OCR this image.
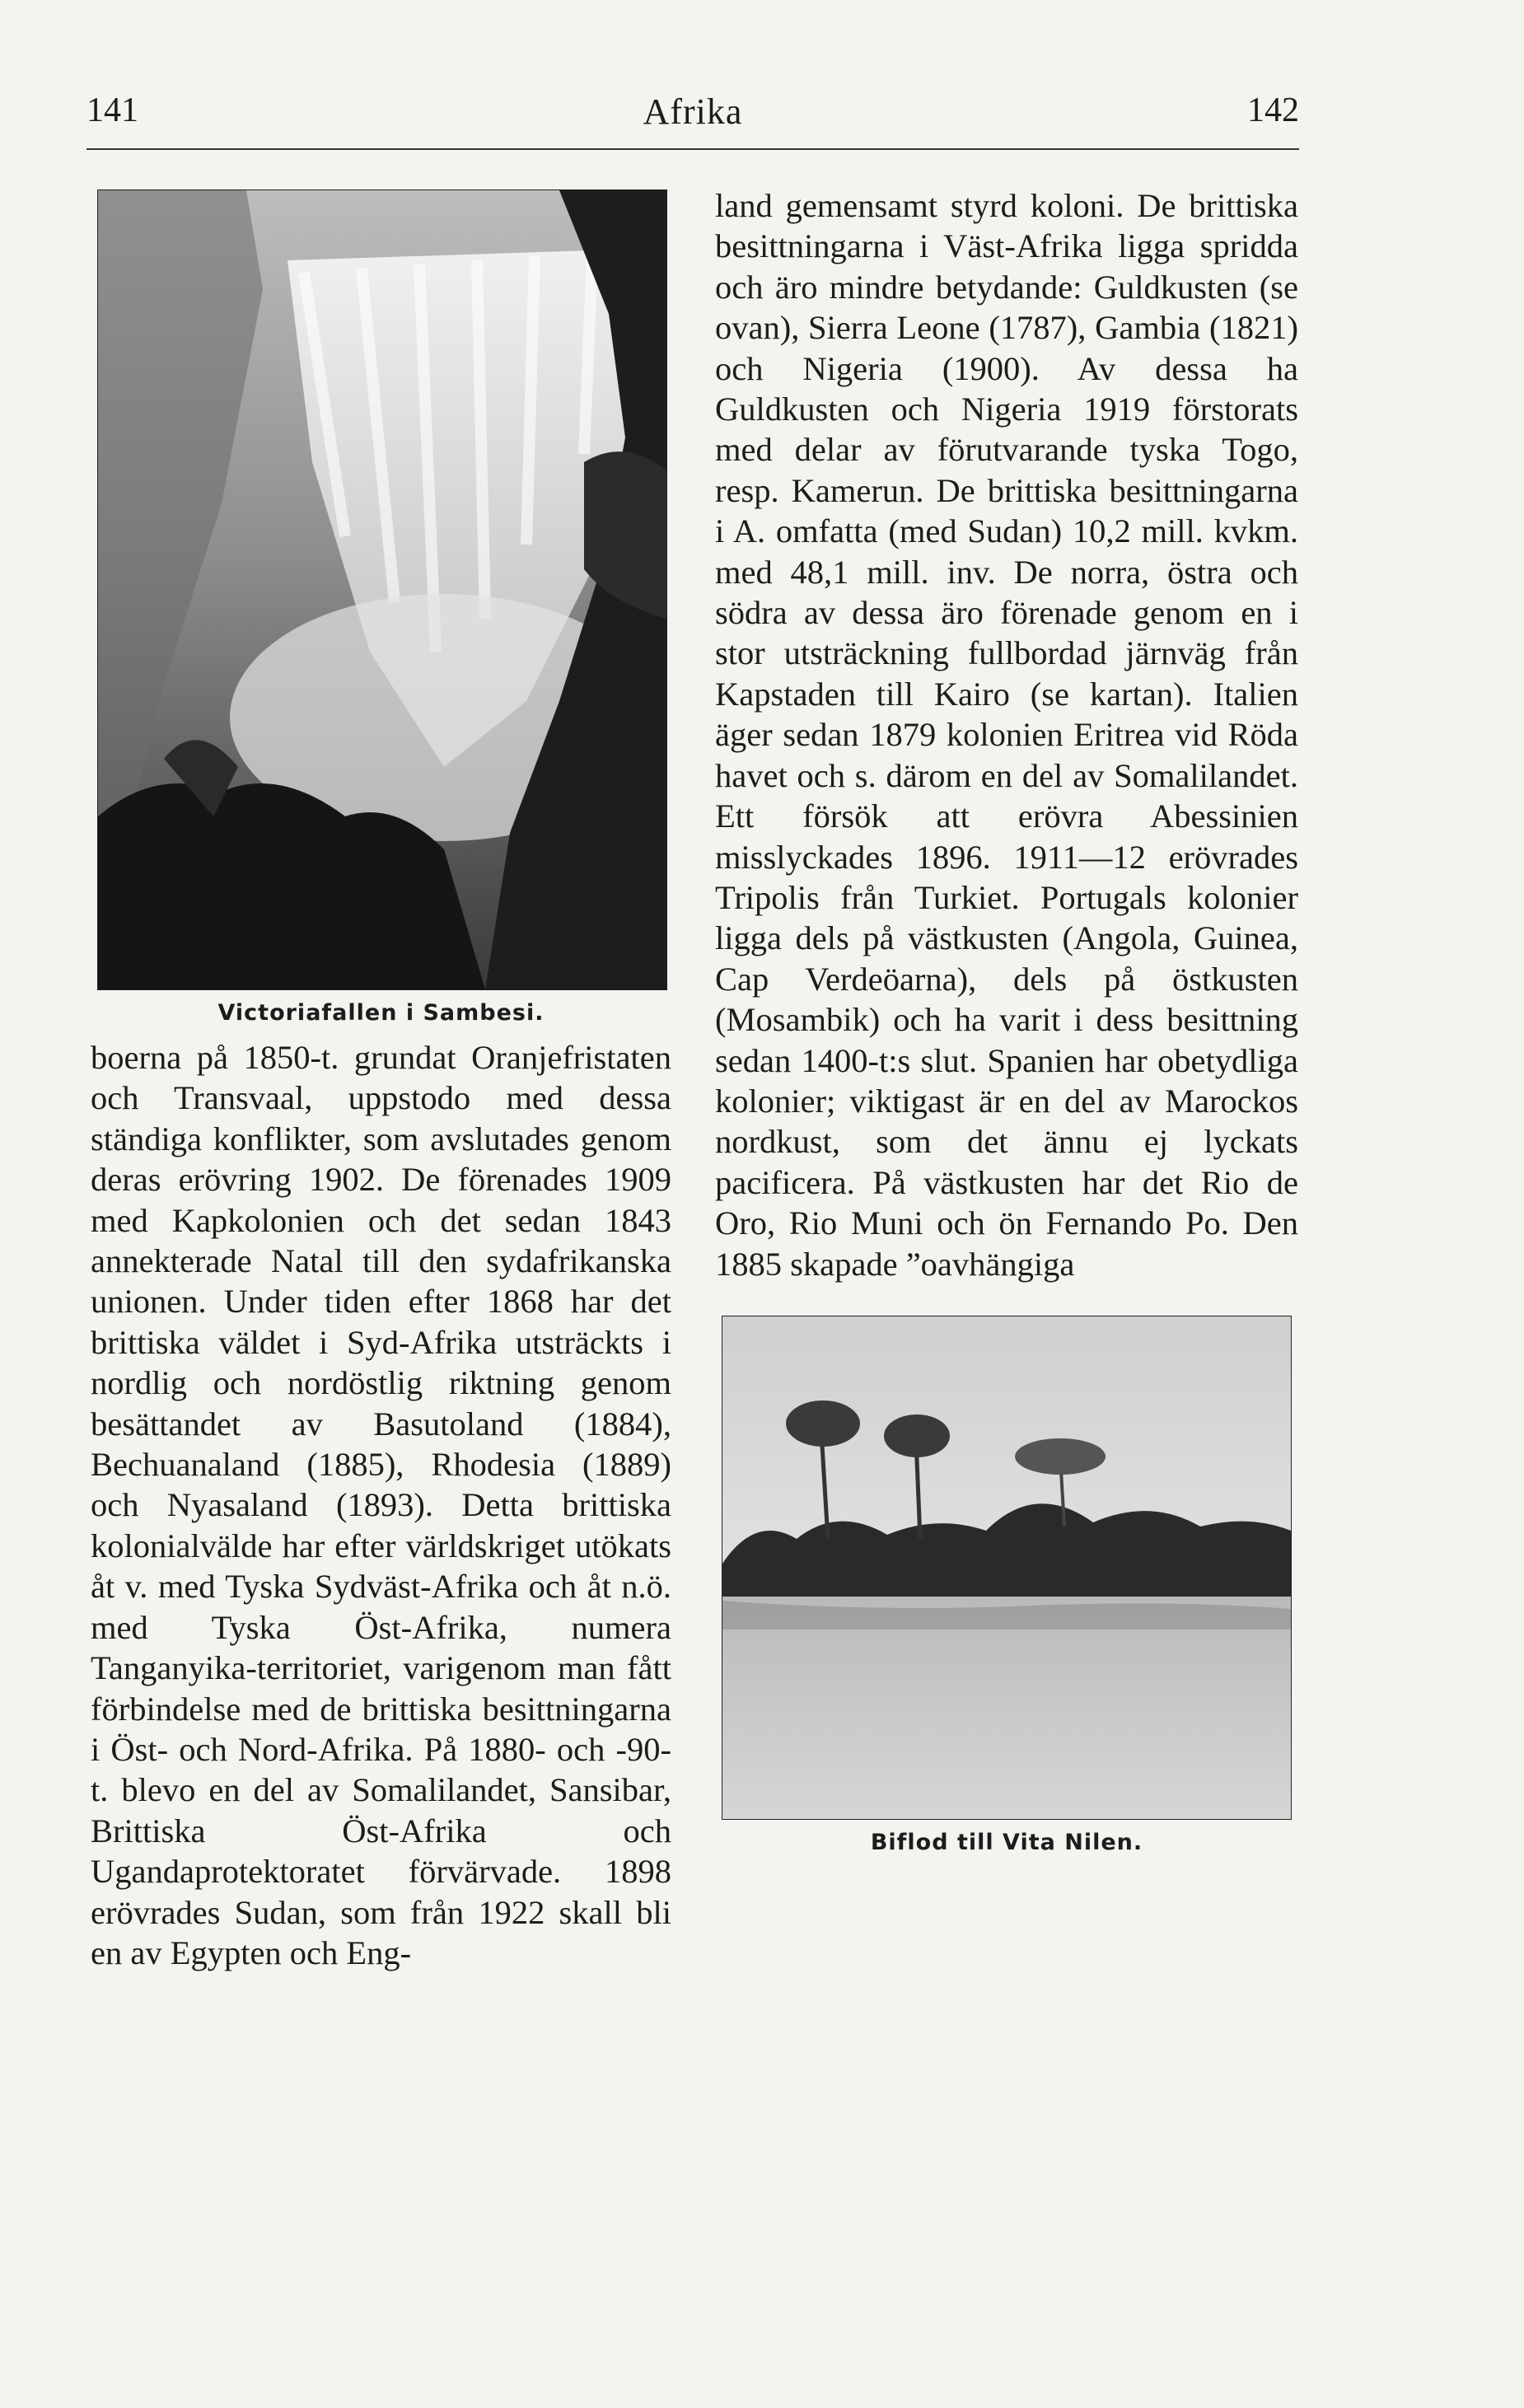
141	Afrika	142
Victoriafallen i Sambesi.

boerna på 1850-t. grundat Oranjefristaten och Transvaal, uppstodo med dessa ständiga konflikter, som avslutades genom deras erövring 1902. De förenades 1909 med Kapkolonien och det sedan 1843 annekterade Natal till den sydafrikanska unionen. Under tiden efter 1868 har det brittiska väldet i Syd-Afrika utsträckts i nordlig och nordöstlig riktning genom besättandet av Basutoland (1884), Bechuanaland (1885), Rhodesia (1889) och Nyasaland (1893). Detta brittiska kolonialvälde har efter världskriget utökats åt v. med Tyska Sydväst-Afrika och åt n.ö. med Tyska Öst-Afrika, numera Tanganyika-territoriet, varigenom man fått förbindelse med de brittiska besittningarna i Öst- och Nord-Afrika. På 1880- och -90-t. blevo en del av Somalilandet, Sansibar, Brittiska Öst-Afrika och Ugandaprotektoratet förvärvade. 1898 erövrades Sudan, som från 1922 skall bli en av Egypten och Eng-

land gemensamt styrd koloni. De brittiska besittningarna i Väst-Afrika ligga spridda och äro mindre betydande: Guldkusten (se ovan), Sierra Leone (1787), Gambia (1821) och Nigeria (1900). Av dessa ha Guldkusten och Nigeria 1919 förstorats med delar av förutvarande tyska Togo, resp. Kamerun. De brittiska besittningarna i A. omfatta (med Sudan) 10,2 mill. kvkm. med 48,1 mill. inv. De norra, östra och södra av dessa äro förenade genom en i stor utsträckning fullbordad järnväg från Kapstaden till Kairo (se kartan). Italien äger sedan 1879 kolonien Eritrea vid Röda havet och s. därom en del av Somalilandet. Ett försök att erövra Abessinien misslyckades 1896. 1911—12 erövrades Tripolis från Turkiet. Portugals kolonier ligga dels på västkusten (Angola, Guinea, Cap Verdeöarna), dels på östkusten (Mosambik) och ha varit i dess besittning sedan 1400-t:s slut. Spanien har obetydliga kolonier; viktigast är en del av Marockos nordkust, som det ännu ej lyckats pacificera. På västkusten har det Rio de Oro, Rio Muni och ön Fernando Po. Den 1885 skapade ”oavhängiga

Biflod till Vita Nilen.
